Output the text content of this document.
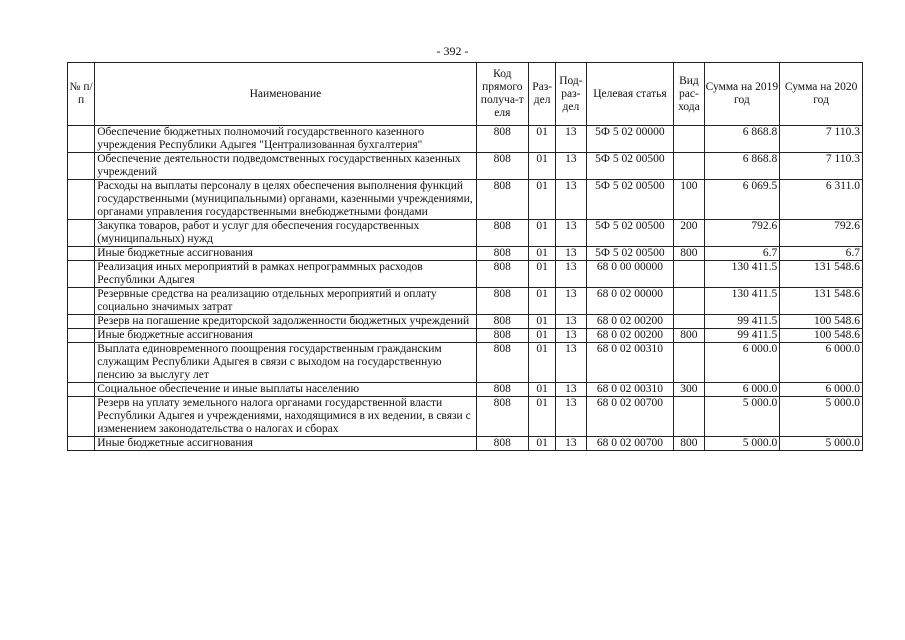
- 392 -
№ п/п	Наименование	Код прямого получа-т еля	Раз- дел	Под- раз- дел	Целевая статья	Вид рас- хода	Сумма на 2019 год	Сумма на 2020 год
	Обеспечение бюджетных полномочий государственного казенного учреждения Республики Адыгея "Централизованная бухгалтерия"	808	01	13	5Ф 5 02 00000		6 868.8	7 110.3
	Обеспечение деятельности подведомственных государственных казенных учреждений	808	01	13	5Ф 5 02 00500		6 868.8	7 110.3
	Расходы на выплаты персоналу в целях обеспечения выполнения функций государственными (муниципальными) органами, казенными учреждениями, органами управления государственными внебюджетными фондами	808	01	13	5Ф 5 02 00500	100	6 069.5	6 311.0
	Закупка товаров, работ и услуг для обеспечения государственных (муниципальных) нужд	808	01	13	5Ф 5 02 00500	200	792.6	792.6
	Иные бюджетные ассигнования	808	01	13	5Ф 5 02 00500	800	6.7	6.7
	Реализация иных мероприятий в рамках непрограммных расходов Республики Адыгея	808	01	13	68 0 00 00000		130 411.5	131 548.6
	Резервные средства на реализацию отдельных мероприятий и оплату социально значимых затрат	808	01	13	68 0 02 00000		130 411.5	131 548.6
	Резерв на погашение кредиторской задолженности бюджетных учреждений	808	01	13	68 0 02 00200		99 411.5	100 548.6
	Иные бюджетные ассигнования	808	01	13	68 0 02 00200	800	99 411.5	100 548.6
	Выплата единовременного поощрения государственным гражданским служащим Республики Адыгея в связи с выходом на государственную пенсию за выслугу лет	808	01	13	68 0 02 00310		6 000.0	6 000.0
	Социальное обеспечение и иные выплаты населению	808	01	13	68 0 02 00310	300	6 000.0	6 000.0
	Резерв на уплату земельного налога органами государственной власти Республики Адыгея и учреждениями, находящимися в их ведении, в связи с изменением законодательства о налогах и сборах	808	01	13	68 0 02 00700		5 000.0	5 000.0
	Иные бюджетные ассигнования	808	01	13	68 0 02 00700	800	5 000.0	5 000.0
